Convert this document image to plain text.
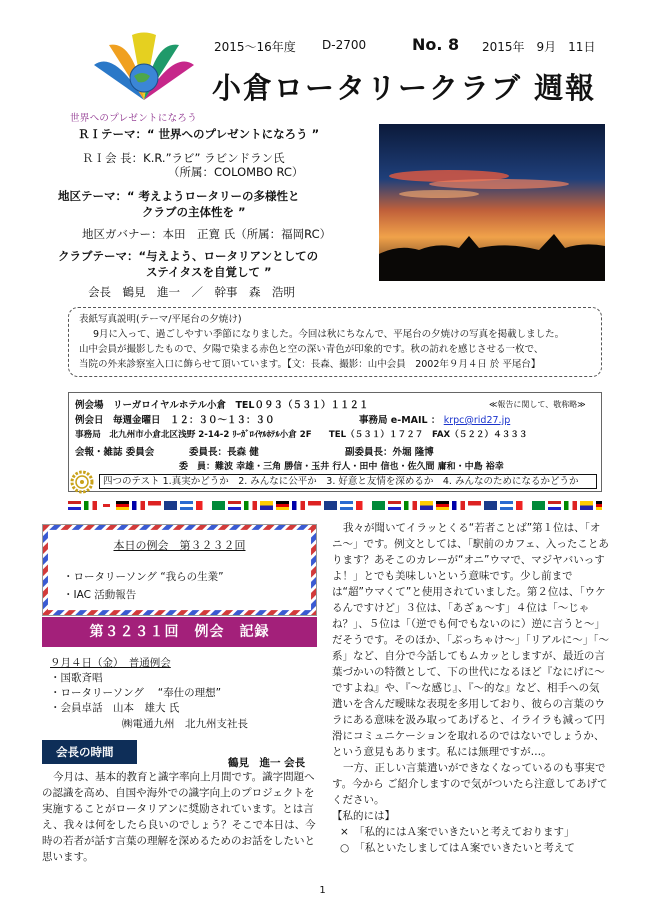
世界へのプレゼントになろう
2015〜16年度 D-2700	No. 8 2015年　9月　11日
小倉ロータリークラブ 週報
ＲＩテーマ：“ 世界へのプレゼントになろう ”
ＲＩ会 長：K.R.”ラビ” ラビンドラン氏
（所属：COLOMBO RC）
地区テーマ：“ 考えようロータリーの多様性と
クラブの主体性を ”
地区ガバナー：本田　正寛 氏（所属：福岡RC）
クラブテーマ：“与えよう、ロータリアンとしての
ステイタスを自覚して ”
会長　鶴見　進一　／　幹事　森　浩明
表紙写真説明(テーマ/平尾台の夕焼け)

9月に入って、過ごしやすい季節になりました。今回は秋にちなんで、平尾台の夕焼けの写真を掲載しました。

山中会員が撮影したもので、夕陽で染まる赤色と空の深い青色が印象的です。秋の訪れを感じさせる一枚で、
当院の外来診察室入口に飾らせて頂いています。【文：長森、撮影：山中会員　2002年９月４日 於 平尾台】
例会場　リーガロイヤルホテル小倉　TEL０９３（５３１）１１２１	≪報告に関して、敬称略≫
例会日　毎週金曜日　１２：３０〜１３：３０	事務局 e-MAIL ： krpc@rid27.jp
事務局　北九州市小倉北区浅野 2-14-2 ﾘｰｶﾞﾛｲﾔﾙﾎﾃﾙ小倉 2F　　TEL（５３１）１７２７　FAX（５２２）４３３３
会報・雑誌 委員会	委員長：長森 健	副委員長：外堀 隆博
委　員：難波 幸雄・三角 勝信・玉井 行人・田中 信也・佐久間 庸和・中島 裕幸
四つのテスト 1.真実かどうか　2. みんなに公平か　3. 好意と友情を深めるか　4. みんなのためになるかどうか
本日の例会　第３２３２回
・ロータリーソング “我らの生業”
・IAC 活動報告
第３２３１回　例会　記録
９月４日（金）　普通例会
・国歌斉唱
・ロータリーソング　 “奉仕の理想”
・会員卓話　山本　雄大 氏
㈱電通九州　北九州支社長
会長の時間
鶴見　進一 会長
今月は、基本的教育と識字率向上月間です。識字問題への認識を高め、自国や海外での識字向上のプロジェクトを実施することがロータリアンに奨励されています。とは言え、我々は何をしたら良いのでしょう？そこで本日は、今時の若者が話す言葉の理解を深めるためのお話をしたいと思います。

我々が聞いてイラッとくる“若者ことば”第１位は、「オニ〜」です。例文としては、「駅前のカフェ、入ったことあります？あそこのカレーが“オニ”ウマで、マジヤバいっすよ！」とでも美味しいという意味です。少し前までは“超”ウマくて”と使用されていました。第２位は、「ウケるんですけど」３位は、「あざぁ〜す」４位は「〜じゃね？」、５位は「（逆でも何でもないのに）逆に言うと〜」だそうです。そのほか、「ぶっちゃけ〜」「リアルに〜」「〜系」など、自分で今話してもムカッとしますが、最近の言葉づかいの特徴として、下の世代になるほど『なにげに〜ですよね』や、『〜な感じ』、『〜的な』など、相手への気遣いを含んだ曖昧な表現を多用しており、彼らの言葉のウラにある意味を汲み取ってあげると、イライラも減って円滑にコミュニケーションを取れるのではないでしょうか、という意見もあります。私には無理ですが…。

一方、正しい言葉遣いができなくなっているのも事実です。今から ご紹介しますので気がついたら注意してあげてください。

【私的には】
×　「私的にはＡ案でいきたいと考えております」
○　「私といたしましてはＡ案でいきたいと考えて
1
